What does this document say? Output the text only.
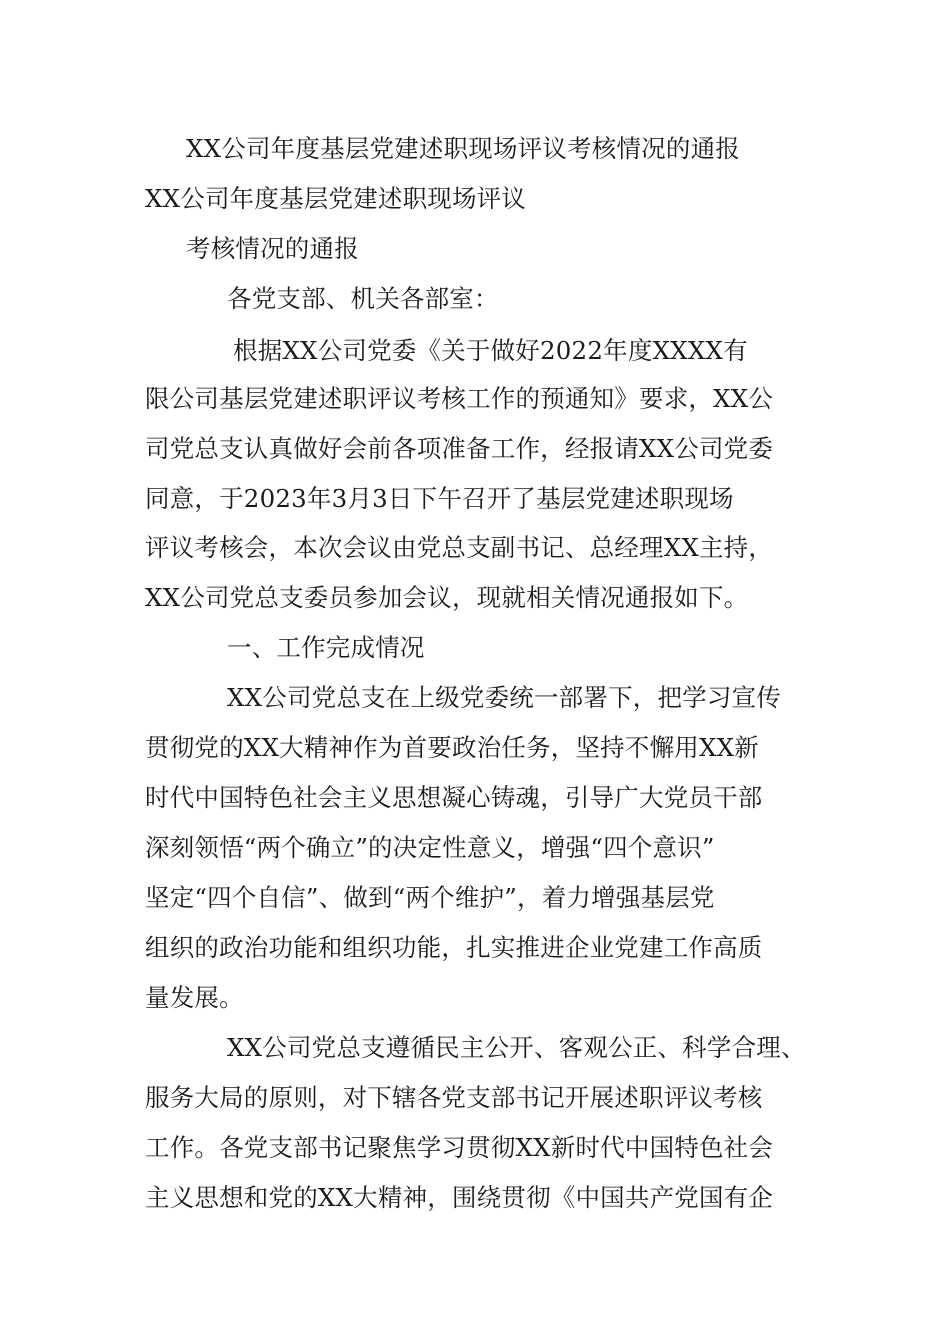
XX公司年度基层党建述职现场评议考核情况的通报
XX公司年度基层党建述职现场评议
考核情况的通报
各党支部、机关各部室：
根据XX公司党委《关于做好2022年度XXXX有
限公司基层党建述职评议考核工作的预通知》要求，XX公
司党总支认真做好会前各项准备工作，经报请XX公司党委
同意，于2023年3月3日下午召开了基层党建述职现场
评议考核会，本次会议由党总支副书记、总经理XX主持，
XX公司党总支委员参加会议，现就相关情况通报如下。
一、工作完成情况
XX公司党总支在上级党委统一部署下，把学习宣传
贯彻党的XX大精神作为首要政治任务，坚持不懈用XX新
时代中国特色社会主义思想凝心铸魂，引导广大党员干部
深刻领悟“两个确立”的决定性意义，增强“四个意识”
坚定“四个自信”、做到“两个维护”，着力增强基层党
组织的政治功能和组织功能，扎实推进企业党建工作高质
量发展。
XX公司党总支遵循民主公开、客观公正、科学合理、
服务大局的原则，对下辖各党支部书记开展述职评议考核
工作。各党支部书记聚焦学习贯彻XX新时代中国特色社会
主义思想和党的XX大精神，围绕贯彻《中国共产党国有企
